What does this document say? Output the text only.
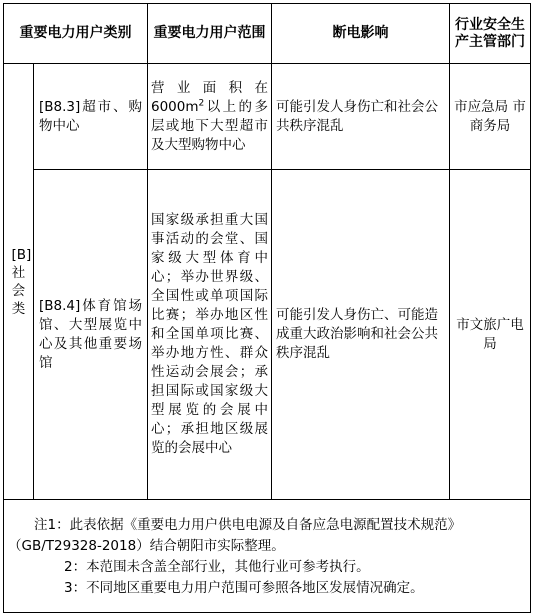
重要电力用户类别		重要电力用户范围	断电影响	行业安全生产主管部门

[B]
社会类	[B8.3]超市、购物中心	营业面积在$6000m^2$以上的多层或地下大型超市及大型购物中心	可能引发人身伤亡和社会公共秩序混乱	市应急局 市商务局
	[B8.4]体育馆场馆、大型展览中心及其他重要场馆	国家级承担重大国事活动的会堂、国家级大型体育中心；举办世界级、全国性或单项国际比赛；举办地区性和全国单项比赛、举办地方性、群众性运动会展会；承担国际或国家级大型展览的会展中心；承担地区级展览的会展中心	可能引发人身伤亡、可能造成重大政治影响和社会公共秩序混乱	市文旅广电局

注1：此表依据《重要电力用户供电电源及自备应急电源配置技术规范》（GB/T29328-2018）结合朝阳市实际整理。
2：本范围未含盖全部行业，其他行业可参考执行。
3：不同地区重要电力用户范围可参照各地区发展情况确定。				
